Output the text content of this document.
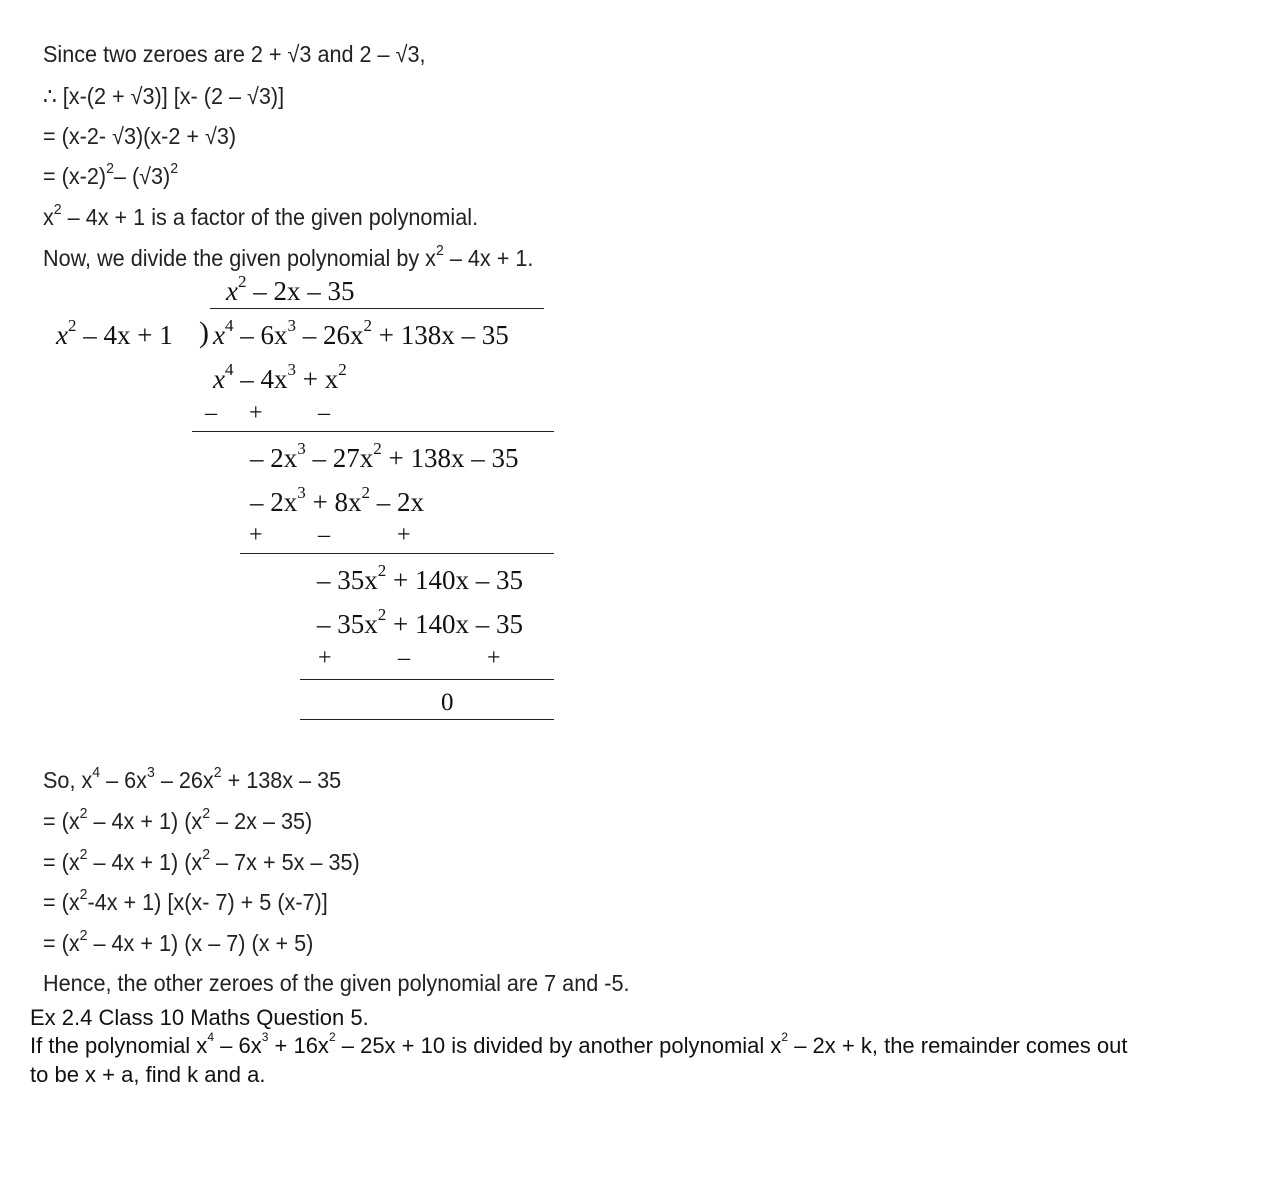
Since two zeroes are 2 + √3 and 2 – √3,
∴ [x-(2 + √3)] [x- (2 – √3)]
= (x-2- √3)(x-2 + √3)
= $(x-2)^2-$ $(√3)^2$
$x^2 - 4x + 1$ is a factor of the given polynomial.
Now, we divide the given polynomial by $x^2 - 4x + 1$.
$x^2 - 2x - 35$
$x^2 - 4x + 1$ ) $x^4 - 6x^3 - 26x^2 + 138x - 35$
$x^4 - 4x^3 + x^2$
– + –
– $2x^3 - 27x^2 + 138x - 35$
– $2x^3 + 8x^2 - 2x$
+ –	+
– $35x^2 + 140x - 35$
– $35x^2 + 140x - 35$
+	–	+
0
So, $x^4 - 6x^3 - 26x^2 + 138x - 35$
= $(x^2 - 4x + 1)$ $(x^2 - 2x - 35)$
= $(x^2 - 4x + 1)$ $(x^2 - 7x + 5x - 35)$
= $(x^2-4x + 1)$ [x(x- 7) + 5 (x-7)]
= $(x^2 - 4x + 1)$ (x – 7) (x + 5)
Hence, the other zeroes of the given polynomial are 7 and -5.
Ex 2.4 Class 10 Maths Question 5.
If the polynomial $x^4 - 6x^3 + 16x^2 - 25x + 10$ is divided by another polynomial $x^2 - 2x + k$, the remainder comes out
to be x + a, find k and a.
